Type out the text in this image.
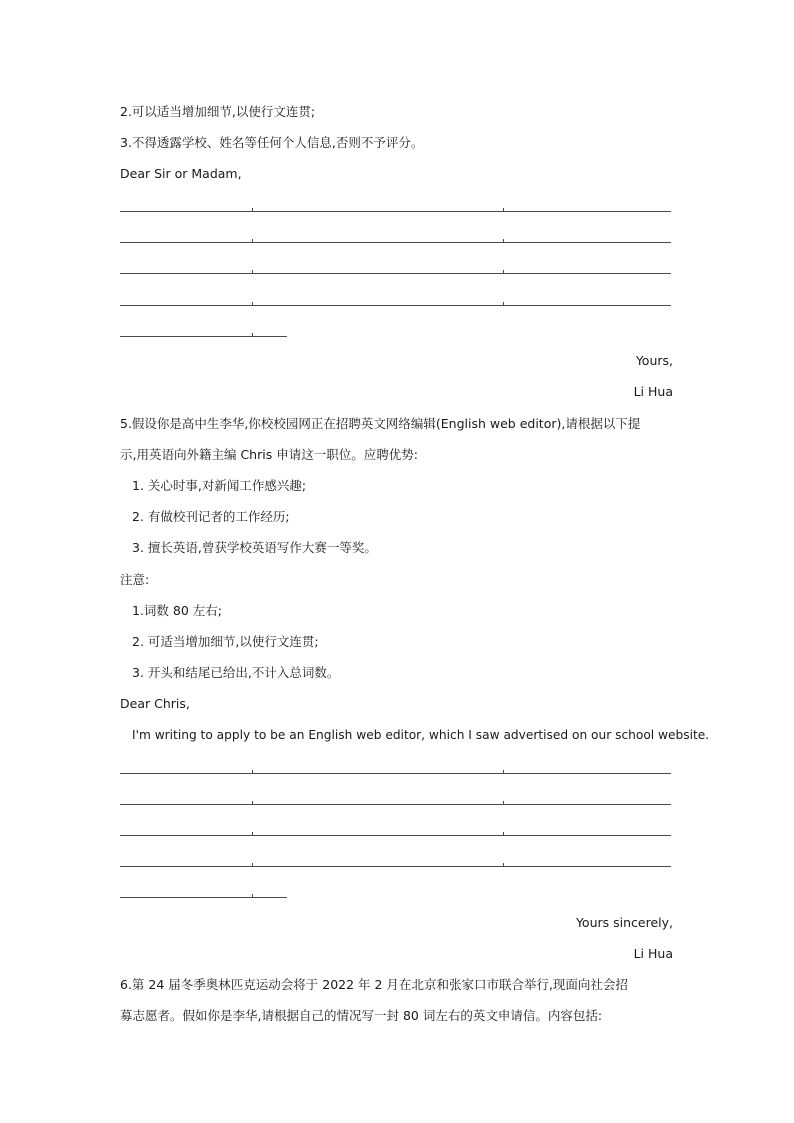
2.可以适当增加细节,以使行文连贯;
3.不得透露学校、姓名等任何个人信息,否则不予评分。
Dear Sir or Madam,
Yours,
Li Hua
5.假设你是高中生李华,你校校园网正在招聘英文网络编辑(English web editor),请根据以下提
示,用英语向外籍主编 Chris 申请这一职位。应聘优势:
1. 关心时事,对新闻工作感兴趣;
2. 有做校刊记者的工作经历;
3. 擅长英语,曾获学校英语写作大赛一等奖。
注意:
1.词数 80 左右;
2. 可适当增加细节,以使行文连贯;
3. 开头和结尾已给出,不计入总词数。
Dear Chris,
I'm writing to apply to be an English web editor, which I saw advertised on our school website.
Yours sincerely,
Li Hua
6.第 24 届冬季奥林匹克运动会将于 2022 年 2 月在北京和张家口市联合举行,现面向社会招
募志愿者。假如你是李华,请根据自己的情况写一封 80 词左右的英文申请信。内容包括:
